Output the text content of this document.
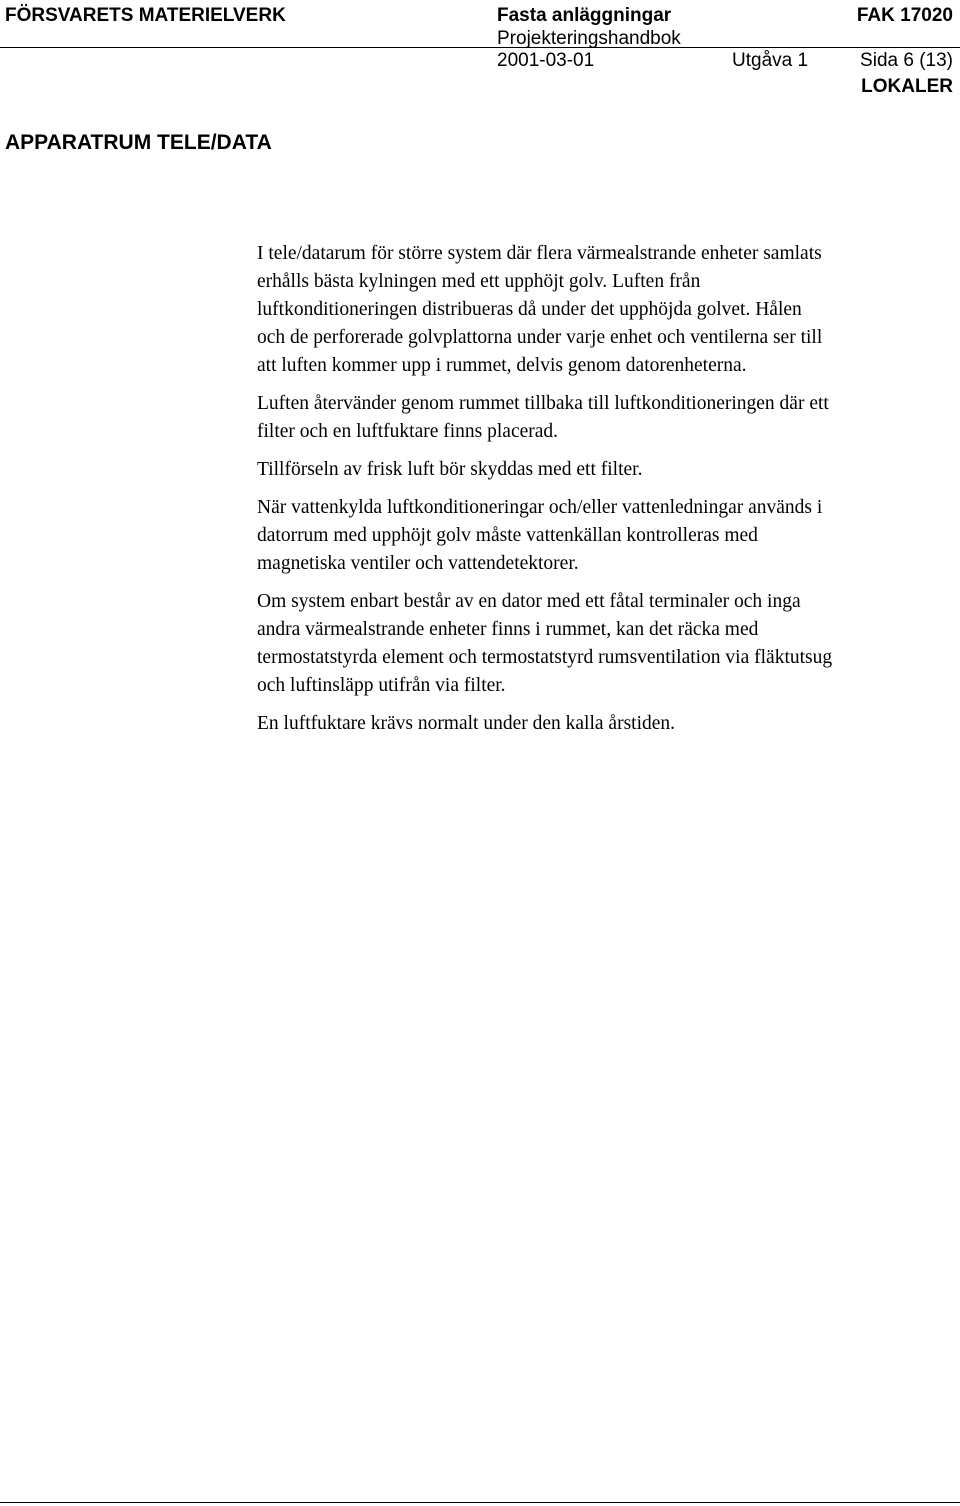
FÖRSVARETS MATERIELVERK	Fasta anläggningar	FAK 17020
Projekteringshandbok
2001-03-01	Utgåva 1	Sida 6 (13)
LOKALER
APPARATRUM TELE/DATA

I tele/datarum för större system där flera värmealstrande enheter samlats
erhålls bästa kylningen med ett upphöjt golv. Luften från
luftkonditioneringen distribueras då under det upphöjda golvet. Hålen
och de perforerade golvplattorna under varje enhet och ventilerna ser till
att luften kommer upp i rummet, delvis genom datorenheterna.

Luften återvänder genom rummet tillbaka till luftkonditioneringen där ett
filter och en luftfuktare finns placerad.

Tillförseln av frisk luft bör skyddas med ett filter.

När vattenkylda luftkonditioneringar och/eller vattenledningar används i
datorrum med upphöjt golv måste vattenkällan kontrolleras med
magnetiska ventiler och vattendetektorer.

Om system enbart består av en dator med ett fåtal terminaler och inga
andra värmealstrande enheter finns i rummet, kan det räcka med
termostatstyrda element och termostatstyrd rumsventilation via fläktutsug
och luftinsläpp utifrån via filter.

En luftfuktare krävs normalt under den kalla årstiden.
